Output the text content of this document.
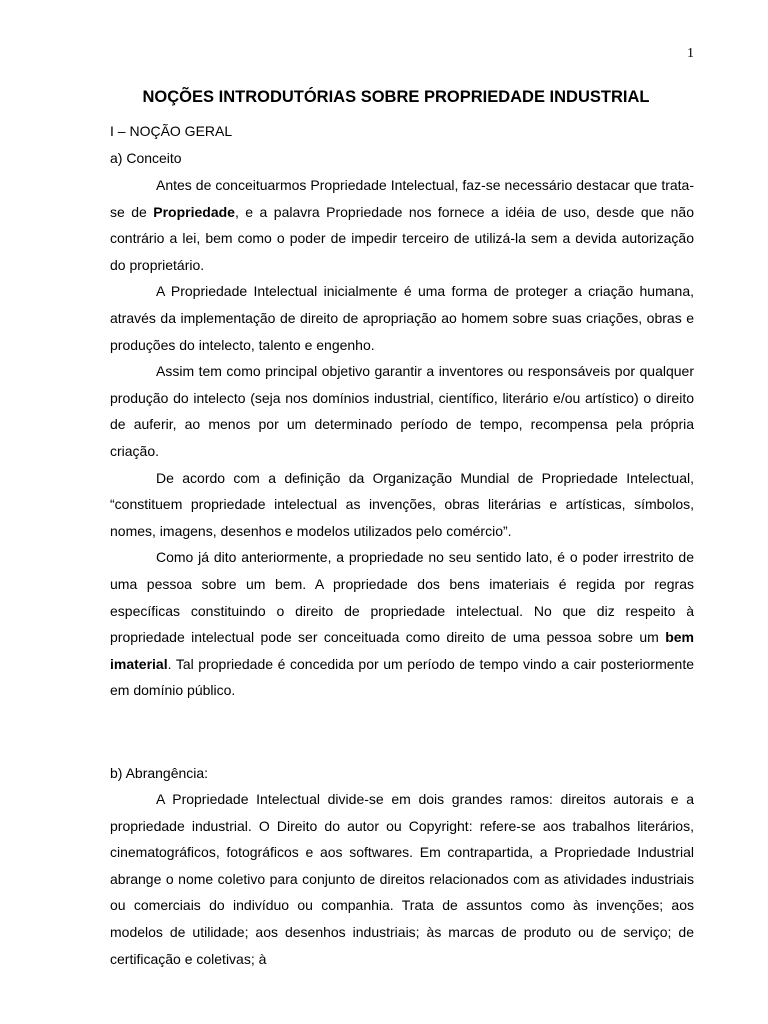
1
NOÇÕES INTRODUTÓRIAS SOBRE PROPRIEDADE INDUSTRIAL
I – NOÇÃO GERAL
a) Conceito

Antes de conceituarmos Propriedade Intelectual, faz-se necessário destacar que trata-se de Propriedade, e a palavra Propriedade nos fornece a idéia de uso, desde que não contrário a lei, bem como o poder de impedir terceiro de utilizá-la sem a devida autorização do proprietário.

A Propriedade Intelectual inicialmente é uma forma de proteger a criação humana, através da implementação de direito de apropriação ao homem sobre suas criações, obras e produções do intelecto, talento e engenho.

Assim tem como principal objetivo garantir a inventores ou responsáveis por qualquer produção do intelecto (seja nos domínios industrial, científico, literário e/ou artístico) o direito de auferir, ao menos por um determinado período de tempo, recompensa pela própria criação.

De acordo com a definição da Organização Mundial de Propriedade Intelectual, “constituem propriedade intelectual as invenções, obras literárias e artísticas, símbolos, nomes, imagens, desenhos e modelos utilizados pelo comércio”.

Como já dito anteriormente, a propriedade no seu sentido lato, é o poder irrestrito de uma pessoa sobre um bem. A propriedade dos bens imateriais é regida por regras específicas constituindo o direito de propriedade intelectual. No que diz respeito à propriedade intelectual pode ser conceituada como direito de uma pessoa sobre um bem imaterial. Tal propriedade é concedida por um período de tempo vindo a cair posteriormente em domínio público.

b) Abrangência:

A Propriedade Intelectual divide-se em dois grandes ramos: direitos autorais e a propriedade industrial. O Direito do autor ou Copyright: refere-se aos trabalhos literários, cinematográficos, fotográficos e aos softwares. Em contrapartida, a Propriedade Industrial abrange o nome coletivo para conjunto de direitos relacionados com as atividades industriais ou comerciais do indivíduo ou companhia. Trata de assuntos como às invenções; aos modelos de utilidade; aos desenhos industriais; às marcas de produto ou de serviço; de certificação e coletivas; à
